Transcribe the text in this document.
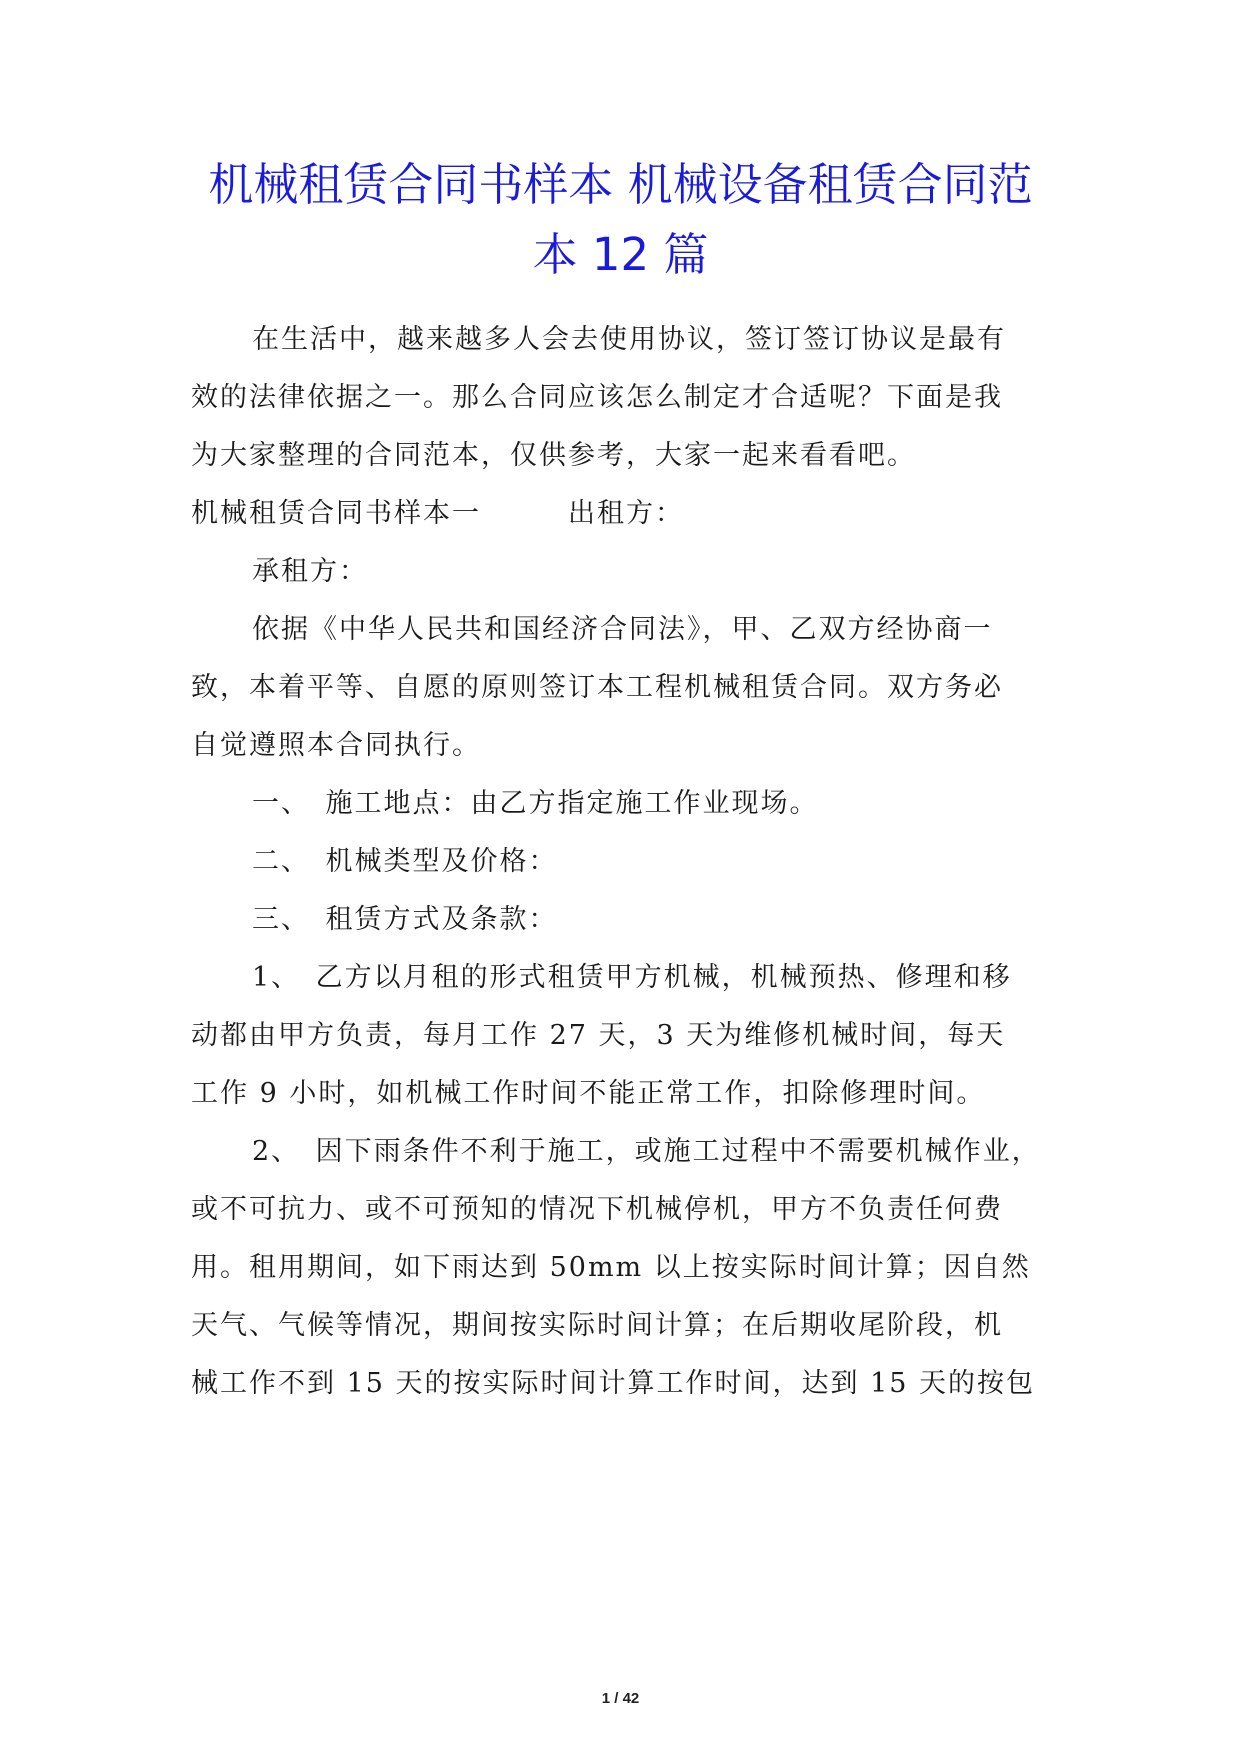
机械租赁合同书样本 机械设备租赁合同范
本 12 篇

在生活中，越来越多人会去使用协议，签订签订协议是最有

效的法律依据之一。那么合同应该怎么制定才合适呢？下面是我

为大家整理的合同范本，仅供参考，大家一起来看看吧。

机械租赁合同书样本一　　　出租方：

承租方：

依据《中华人民共和国经济合同法》，甲、乙双方经协商一

致，本着平等、自愿的原则签订本工程机械租赁合同。双方务必

自觉遵照本合同执行。

一、　施工地点：由乙方指定施工作业现场。

二、　机械类型及价格：

三、　租赁方式及条款：

1、　乙方以月租的形式租赁甲方机械，机械预热、修理和移

动都由甲方负责，每月工作 27 天，3 天为维修机械时间，每天

工作 9 小时，如机械工作时间不能正常工作，扣除修理时间。

2、　因下雨条件不利于施工，或施工过程中不需要机械作业，

或不可抗力、或不可预知的情况下机械停机，甲方不负责任何费

用。租用期间，如下雨达到 50mm 以上按实际时间计算；因自然

天气、气候等情况，期间按实际时间计算；在后期收尾阶段，机

械工作不到 15 天的按实际时间计算工作时间，达到 15 天的按包

1 / 42
